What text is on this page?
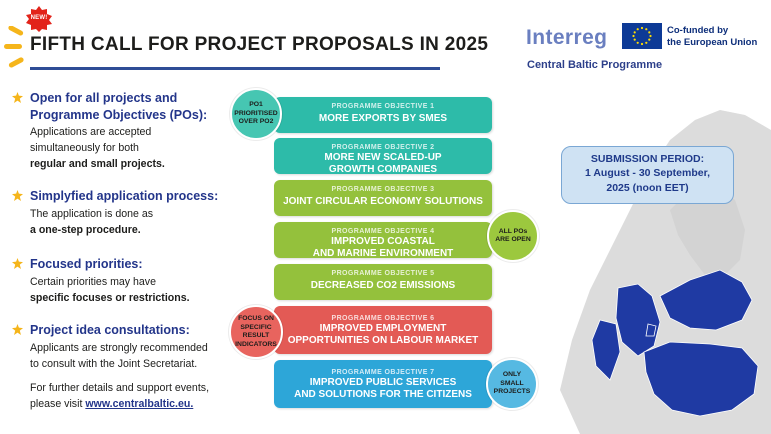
NEW!
FIFTH CALL FOR PROJECT PROPOSALS IN 2025 Interreg	Co-funded by
the European Union
Central Baltic Programme
Open for all projects and
Programme Objectives (POs):
Applications are accepted
simultaneously for both
regular and small projects.
Simplyfied application process:
The application is done as
a one-step procedure.
Focused priorities:
Certain priorities may have
specific focuses or restrictions.
Project idea consultations:
Applicants are strongly recommended
to consult with the Joint Secretariat.
For further details and support events,
please visit www.centralbaltic.eu.
PROGRAMME OBJECTIVE 1
MORE EXPORTS BY SMES
PROGRAMME OBJECTIVE 2
MORE NEW SCALED-UP
GROWTH COMPANIES
PROGRAMME OBJECTIVE 3
JOINT CIRCULAR ECONOMY SOLUTIONS
PROGRAMME OBJECTIVE 4
IMPROVED COASTAL
AND MARINE ENVIRONMENT
PROGRAMME OBJECTIVE 5
DECREASED CO2 EMISSIONS
PROGRAMME OBJECTIVE 6
IMPROVED EMPLOYMENT
OPPORTUNITIES ON LABOUR MARKET
PROGRAMME OBJECTIVE 7
IMPROVED PUBLIC SERVICES
AND SOLUTIONS FOR THE CITIZENS
PO1
PRIORITISED
OVER PO2
ALL POs
ARE OPEN
FOCUS ON
SPECIFIC
RESULT
INDICATORS
ONLY
SMALL
PROJECTS
SUBMISSION PERIOD:
1 August - 30 September,
2025 (noon EET)
